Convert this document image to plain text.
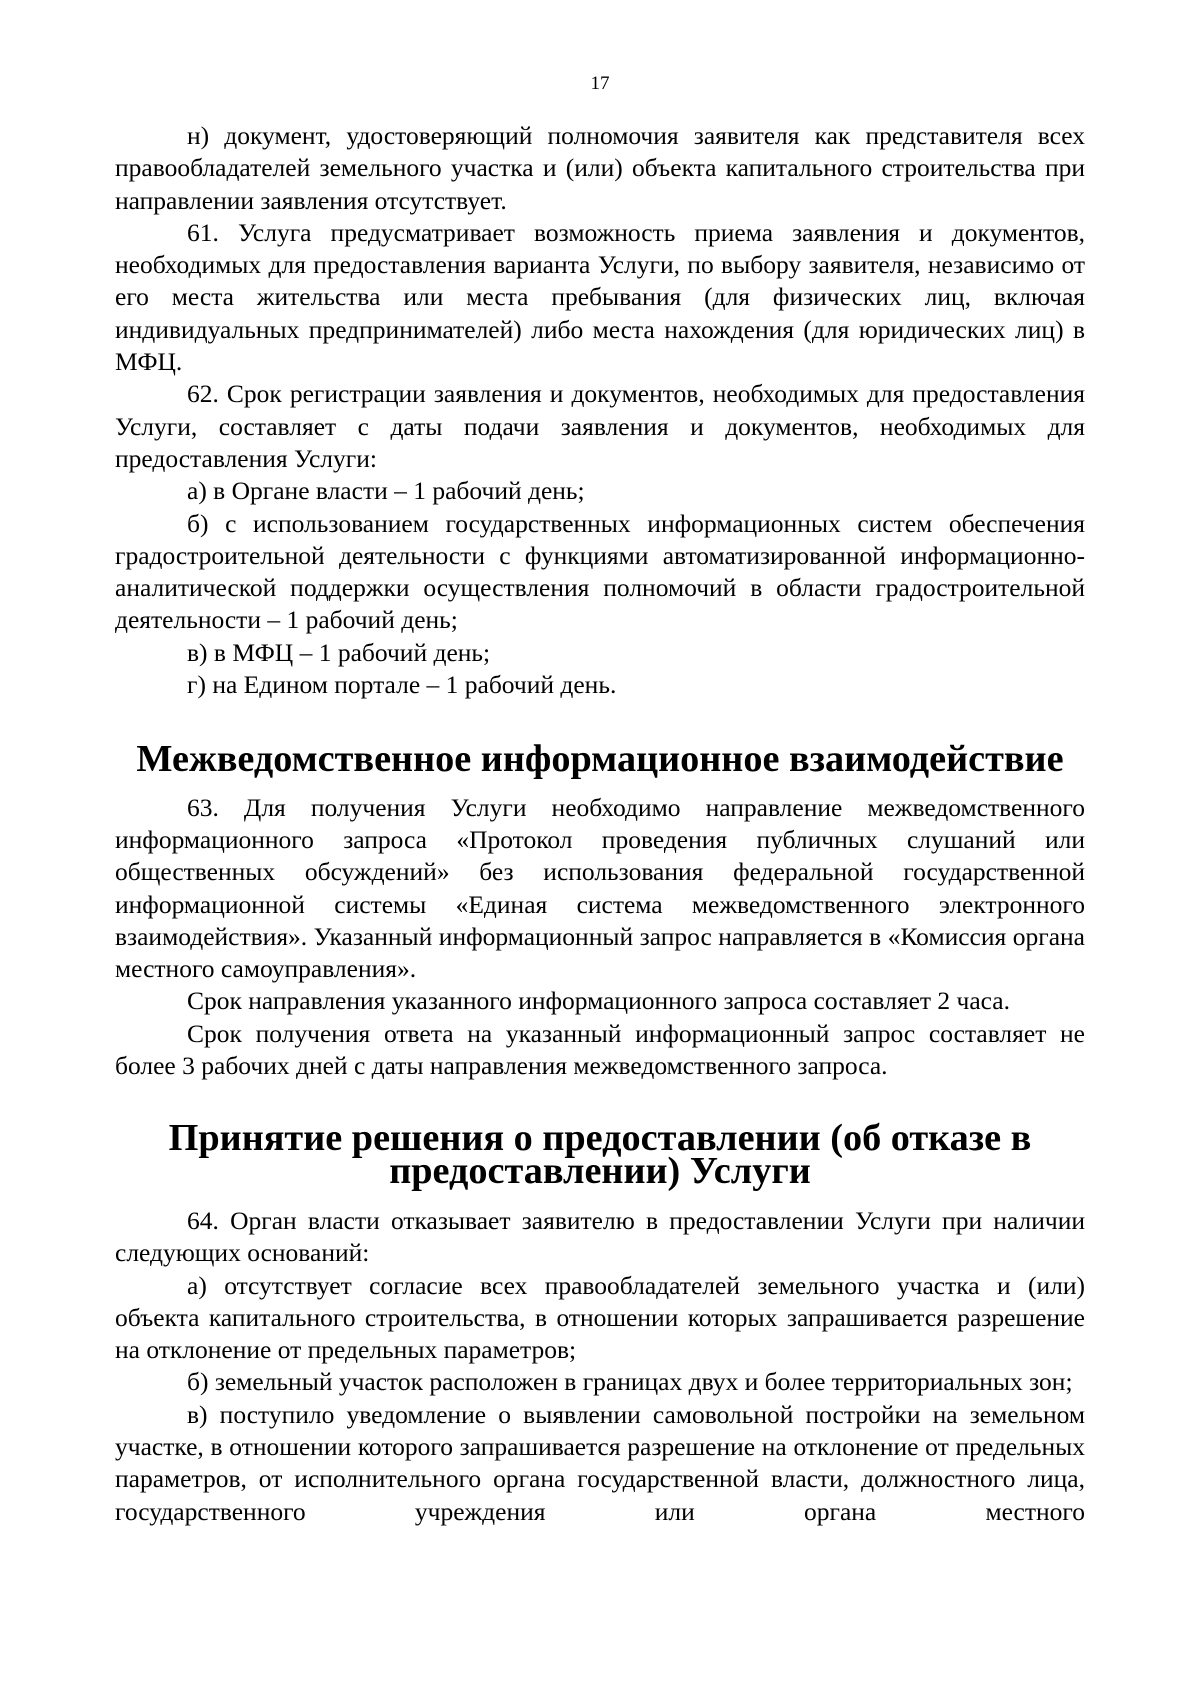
17

н) документ, удостоверяющий полномочия заявителя как представителя всех правообладателей земельного участка и (или) объекта капитального строительства при направлении заявления отсутствует.

61. Услуга предусматривает возможность приема заявления и документов, необходимых для предоставления варианта Услуги, по выбору заявителя, независимо от его места жительства или места пребывания (для физических лиц, включая индивидуальных предпринимателей) либо места нахождения (для юридических лиц) в МФЦ.

62. Срок регистрации заявления и документов, необходимых для предоставления Услуги, составляет с даты подачи заявления и документов, необходимых для предоставления Услуги:

а) в Органе власти – 1 рабочий день;

б) с использованием государственных информационных систем обеспечения градостроительной деятельности с функциями автоматизированной информационно-аналитической поддержки осуществления полномочий в области градостроительной деятельности – 1 рабочий день;

в) в МФЦ – 1 рабочий день;

г) на Едином портале – 1 рабочий день.

Межведомственное информационное взаимодействие

63. Для получения Услуги необходимо направление межведомственного информационного запроса «Протокол проведения публичных слушаний или общественных обсуждений» без использования федеральной государственной информационной системы «Единая система межведомственного электронного взаимодействия». Указанный информационный запрос направляется в «Комиссия органа местного самоуправления».

Срок направления указанного информационного запроса составляет 2 часа.

Срок получения ответа на указанный информационный запрос составляет не более 3 рабочих дней с даты направления межведомственного запроса.

Принятие решения о предоставлении (об отказе в предоставлении) Услуги

64. Орган власти отказывает заявителю в предоставлении Услуги при наличии следующих оснований:

а) отсутствует согласие всех правообладателей земельного участка и (или) объекта капитального строительства, в отношении которых запрашивается разрешение на отклонение от предельных параметров;

б) земельный участок расположен в границах двух и более территориальных зон;

в) поступило уведомление о выявлении самовольной постройки на земельном участке, в отношении которого запрашивается разрешение на отклонение от предельных параметров, от исполнительного органа государственной власти, должностного лица, государственного учреждения или органа местного
